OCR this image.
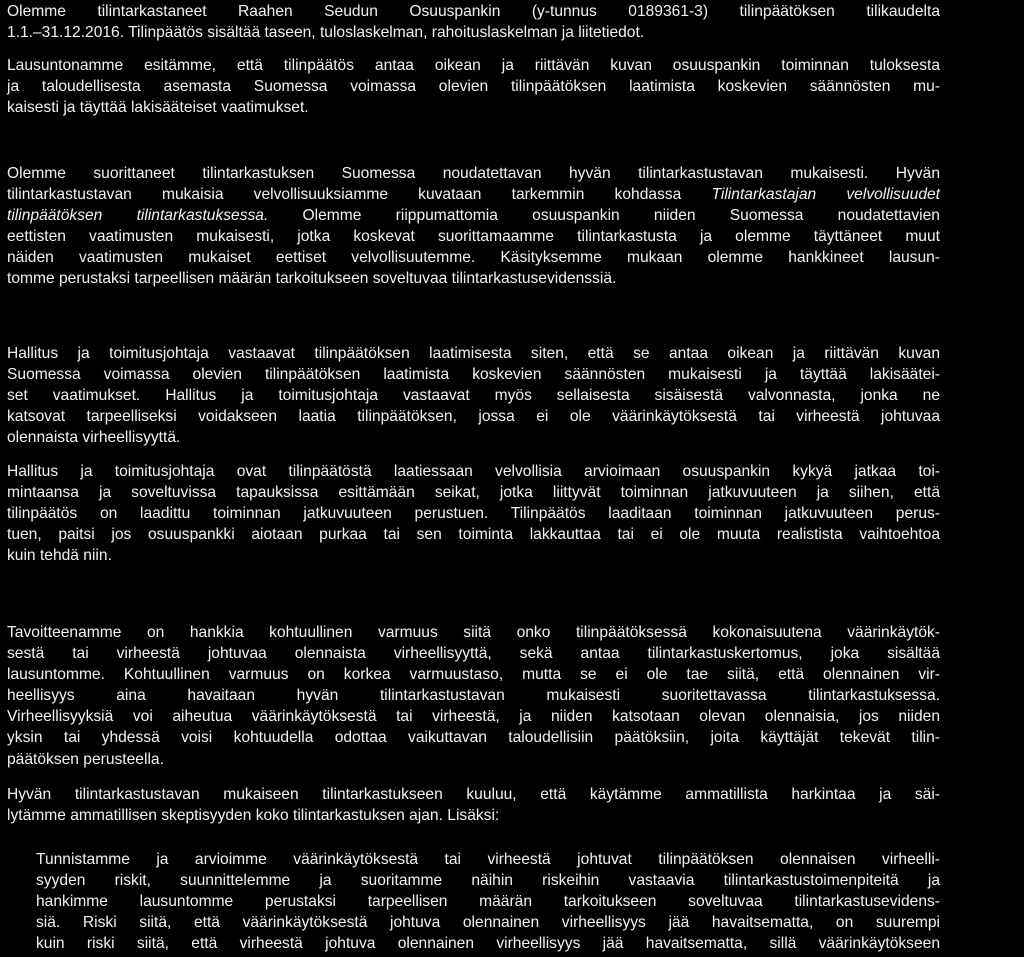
Olemme tilintarkastaneet Raahen Seudun Osuuspankin (y-tunnus 0189361-3) tilinpäätöksen tilikaudelta
1.1.–31.12.2016. Tilinpäätös sisältää taseen, tuloslaskelman, rahoituslaskelman ja liitetiedot.
Lausuntonamme esitämme, että tilinpäätös antaa oikean ja riittävän kuvan osuuspankin toiminnan tuloksesta
ja taloudellisesta asemasta Suomessa voimassa olevien tilinpäätöksen laatimista koskevien säännösten mu-
kaisesti ja täyttää lakisääteiset vaatimukset.
Olemme suorittaneet tilintarkastuksen Suomessa noudatettavan hyvän tilintarkastustavan mukaisesti. Hyvän
tilintarkastustavan mukaisia velvollisuuksiamme kuvataan tarkemmin kohdassa Tilintarkastajan velvollisuudet
tilinpäätöksen tilintarkastuksessa. Olemme riippumattomia osuuspankin niiden Suomessa noudatettavien
eettisten vaatimusten mukaisesti, jotka koskevat suorittamaamme tilintarkastusta ja olemme täyttäneet muut
näiden vaatimusten mukaiset eettiset velvollisuutemme. Käsityksemme mukaan olemme hankkineet lausun-
tomme perustaksi tarpeellisen määrän tarkoitukseen soveltuvaa tilintarkastusevidenssiä.
Hallitus ja toimitusjohtaja vastaavat tilinpäätöksen laatimisesta siten, että se antaa oikean ja riittävän kuvan
Suomessa voimassa olevien tilinpäätöksen laatimista koskevien säännösten mukaisesti ja täyttää lakisäätei-
set vaatimukset. Hallitus ja toimitusjohtaja vastaavat myös sellaisesta sisäisestä valvonnasta, jonka ne
katsovat tarpeelliseksi voidakseen laatia tilinpäätöksen, jossa ei ole väärinkäytöksestä tai virheestä johtuvaa
olennaista virheellisyyttä.
Hallitus ja toimitusjohtaja ovat tilinpäätöstä laatiessaan velvollisia arvioimaan osuuspankin kykyä jatkaa toi-
mintaansa ja soveltuvissa tapauksissa esittämään seikat, jotka liittyvät toiminnan jatkuvuuteen ja siihen, että
tilinpäätös on laadittu toiminnan jatkuvuuteen perustuen. Tilinpäätös laaditaan toiminnan jatkuvuuteen perus-
tuen, paitsi jos osuuspankki aiotaan purkaa tai sen toiminta lakkauttaa tai ei ole muuta realistista vaihtoehtoa
kuin tehdä niin.
Tavoitteenamme on hankkia kohtuullinen varmuus siitä onko tilinpäätöksessä kokonaisuutena väärinkäytök-
sestä tai virheestä johtuvaa olennaista virheellisyyttä, sekä antaa tilintarkastuskertomus, joka sisältää
lausuntomme. Kohtuullinen varmuus on korkea varmuustaso, mutta se ei ole tae siitä, että olennainen vir-
heellisyys aina havaitaan hyvän tilintarkastustavan mukaisesti suoritettavassa tilintarkastuksessa.
Virheellisyyksiä voi aiheutua väärinkäytöksestä tai virheestä, ja niiden katsotaan olevan olennaisia, jos niiden
yksin tai yhdessä voisi kohtuudella odottaa vaikuttavan taloudellisiin päätöksiin, joita käyttäjät tekevät tilin-
päätöksen perusteella.
Hyvän tilintarkastustavan mukaiseen tilintarkastukseen kuuluu, että käytämme ammatillista harkintaa ja säi-
lytämme ammatillisen skeptisyyden koko tilintarkastuksen ajan. Lisäksi:
Tunnistamme ja arvioimme väärinkäytöksestä tai virheestä johtuvat tilinpäätöksen olennaisen virheelli-
syyden riskit, suunnittelemme ja suoritamme näihin riskeihin vastaavia tilintarkastustoimenpiteitä ja
hankimme lausuntomme perustaksi tarpeellisen määrän tarkoitukseen soveltuvaa tilintarkastusevidens-
siä. Riski siitä, että väärinkäytöksestä johtuva olennainen virheellisyys jää havaitsematta, on suurempi
kuin riski siitä, että virheestä johtuva olennainen virheellisyys jää havaitsematta, sillä väärinkäytökseen
